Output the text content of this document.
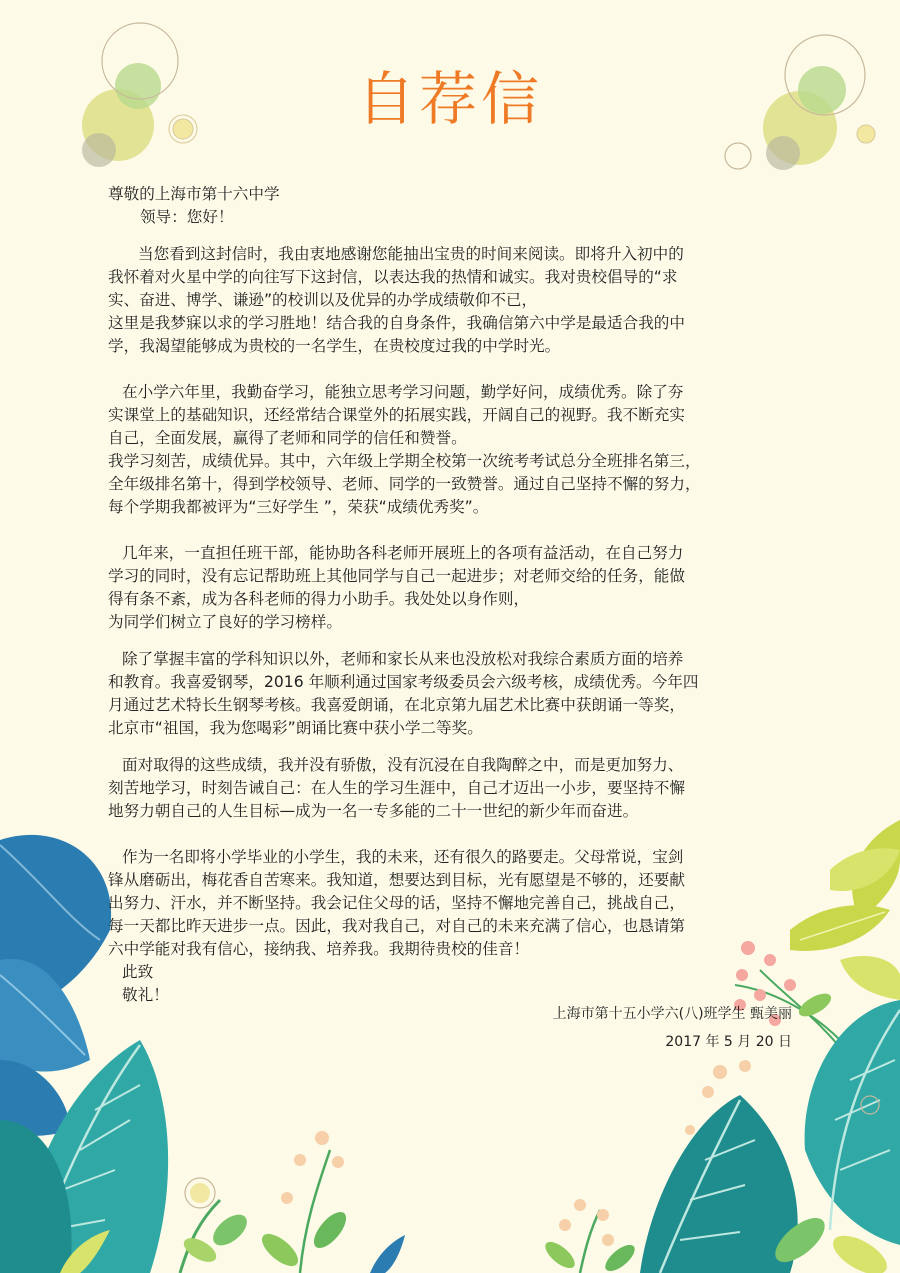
自荐信
尊敬的上海市第十六中学
领导：您好！
当您看到这封信时，我由衷地感谢您能抽出宝贵的时间来阅读。即将升入初中的
我怀着对火星中学的向往写下这封信，以表达我的热情和诚实。我对贵校倡导的“求
实、奋进、博学、谦逊”的校训以及优异的办学成绩敬仰不已，
这里是我梦寐以求的学习胜地！结合我的自身条件，我确信第六中学是最适合我的中
学，我渴望能够成为贵校的一名学生，在贵校度过我的中学时光。
在小学六年里，我勤奋学习，能独立思考学习问题，勤学好问，成绩优秀。除了夯
实课堂上的基础知识，还经常结合课堂外的拓展实践，开阔自己的视野。我不断充实
自己，全面发展，赢得了老师和同学的信任和赞誉。
我学习刻苦，成绩优异。其中，六年级上学期全校第一次统考考试总分全班排名第三，
全年级排名第十，得到学校领导、老师、同学的一致赞誉。通过自己坚持不懈的努力，
每个学期我都被评为“三好学生 ”，荣获“成绩优秀奖”。
几年来，一直担任班干部，能协助各科老师开展班上的各项有益活动，在自己努力
学习的同时，没有忘记帮助班上其他同学与自己一起进步；对老师交给的任务，能做
得有条不紊，成为各科老师的得力小助手。我处处以身作则，
为同学们树立了良好的学习榜样。
除了掌握丰富的学科知识以外，老师和家长从来也没放松对我综合素质方面的培养
和教育。我喜爱钢琴，2016 年顺利通过国家考级委员会六级考核，成绩优秀。今年四
月通过艺术特长生钢琴考核。我喜爱朗诵，在北京第九届艺术比赛中获朗诵一等奖，
北京市“祖国，我为您喝彩”朗诵比赛中获小学二等奖。
面对取得的这些成绩，我并没有骄傲，没有沉浸在自我陶醉之中，而是更加努力、
刻苦地学习，时刻告诫自己：在人生的学习生涯中，自己才迈出一小步，要坚持不懈
地努力朝自己的人生目标—成为一名一专多能的二十一世纪的新少年而奋进。
作为一名即将小学毕业的小学生，我的未来，还有很久的路要走。父母常说，宝剑
锋从磨砺出，梅花香自苦寒来。我知道，想要达到目标，光有愿望是不够的，还要献
出努力、汗水，并不断坚持。我会记住父母的话，坚持不懈地完善自己，挑战自己，
每一天都比昨天进步一点。因此，我对我自己，对自己的未来充满了信心，也恳请第
六中学能对我有信心，接纳我、培养我。我期待贵校的佳音！
此致
敬礼！
上海市第十五小学六(八)班学生 甄美丽
2017 年 5 月 20 日
